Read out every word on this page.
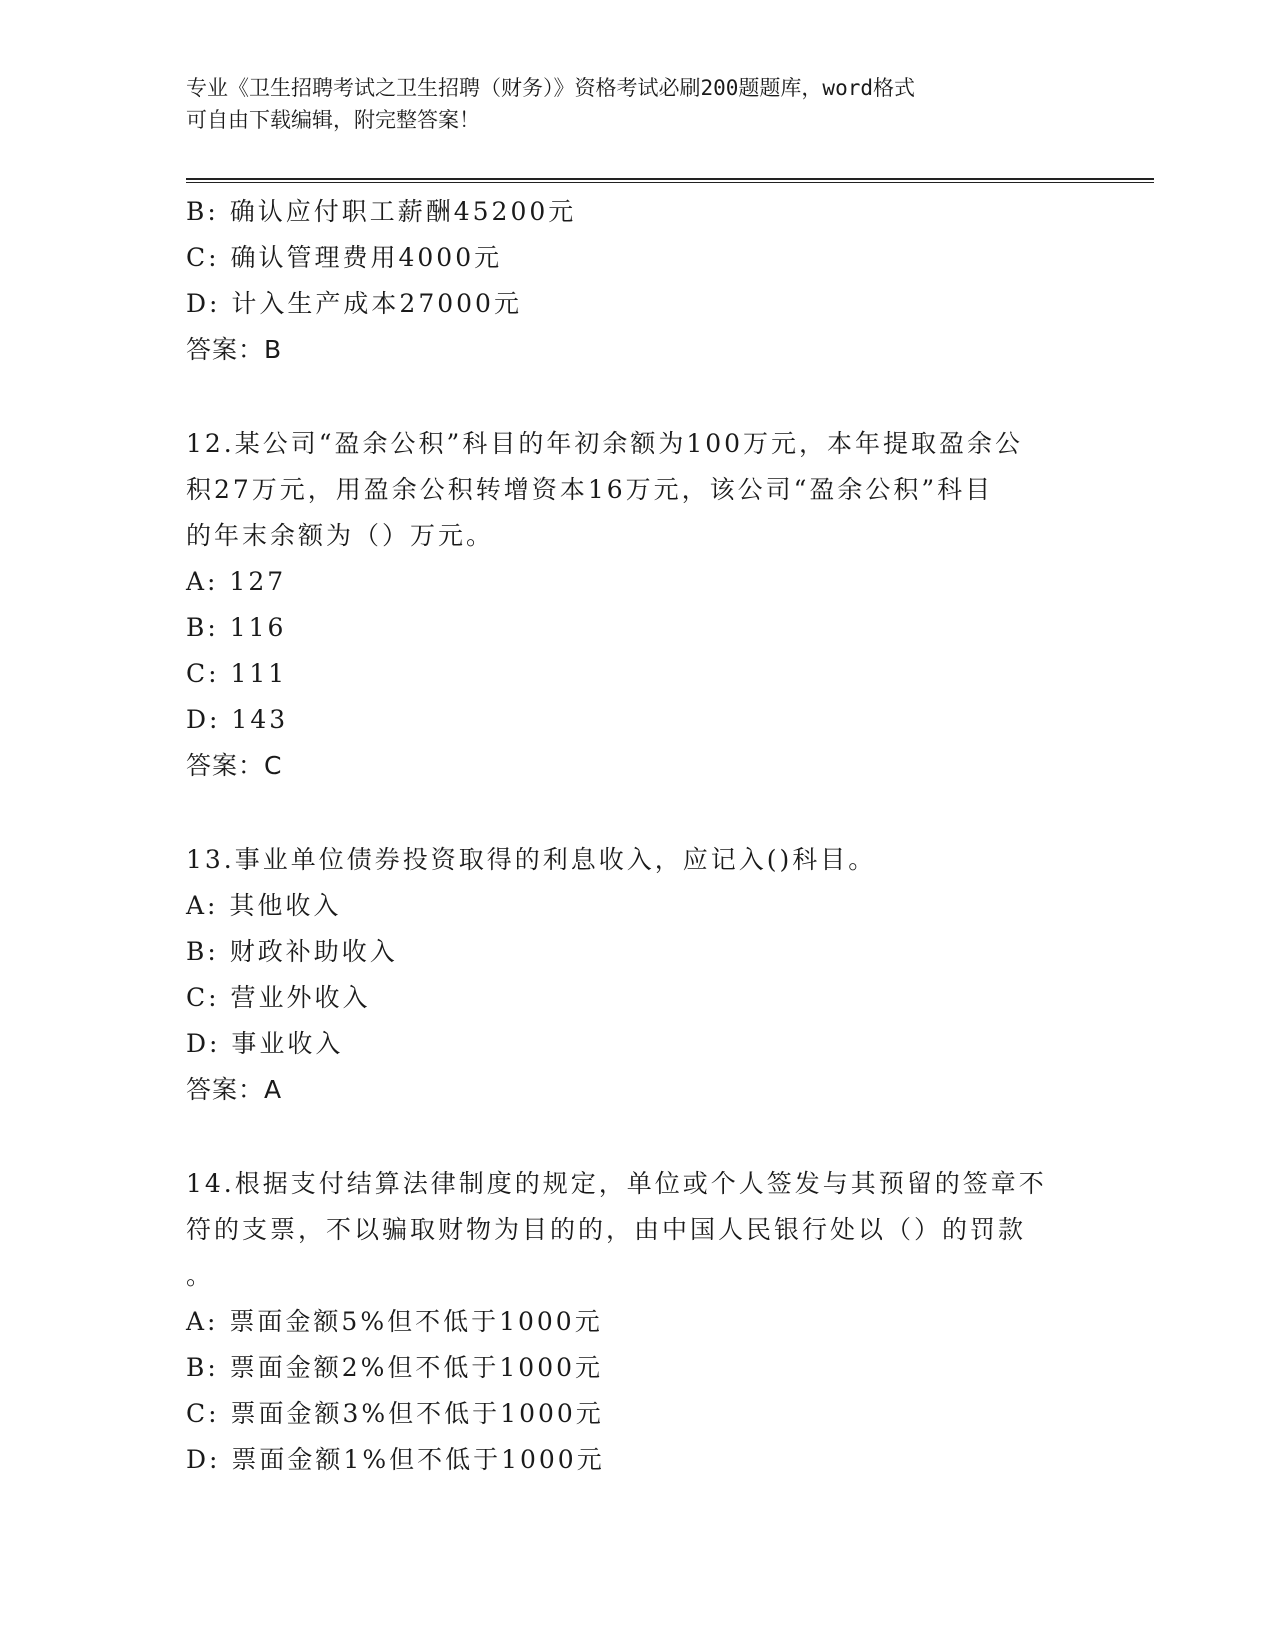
专业《卫生招聘考试之卫生招聘（财务）》资格考试必刷200题题库，word格式
可自由下载编辑，附完整答案！
B: 确认应付职工薪酬45200元
C: 确认管理费用4000元
D: 计入生产成本27000元
答案：B
12.某公司“盈余公积”科目的年初余额为100万元，本年提取盈余公
积27万元，用盈余公积转增资本16万元，该公司“盈余公积”科目
的年末余额为（）万元。
A: 127
B: 116
C: 111
D: 143
答案：C
13.事业单位债券投资取得的利息收入，应记入()科目。
A: 其他收入
B: 财政补助收入
C: 营业外收入
D: 事业收入
答案：A
14.根据支付结算法律制度的规定，单位或个人签发与其预留的签章不
符的支票，不以骗取财物为目的的，由中国人民银行处以（）的罚款
。
A: 票面金额5%但不低于1000元
B: 票面金额2%但不低于1000元
C: 票面金额3%但不低于1000元
D: 票面金额1%但不低于1000元
